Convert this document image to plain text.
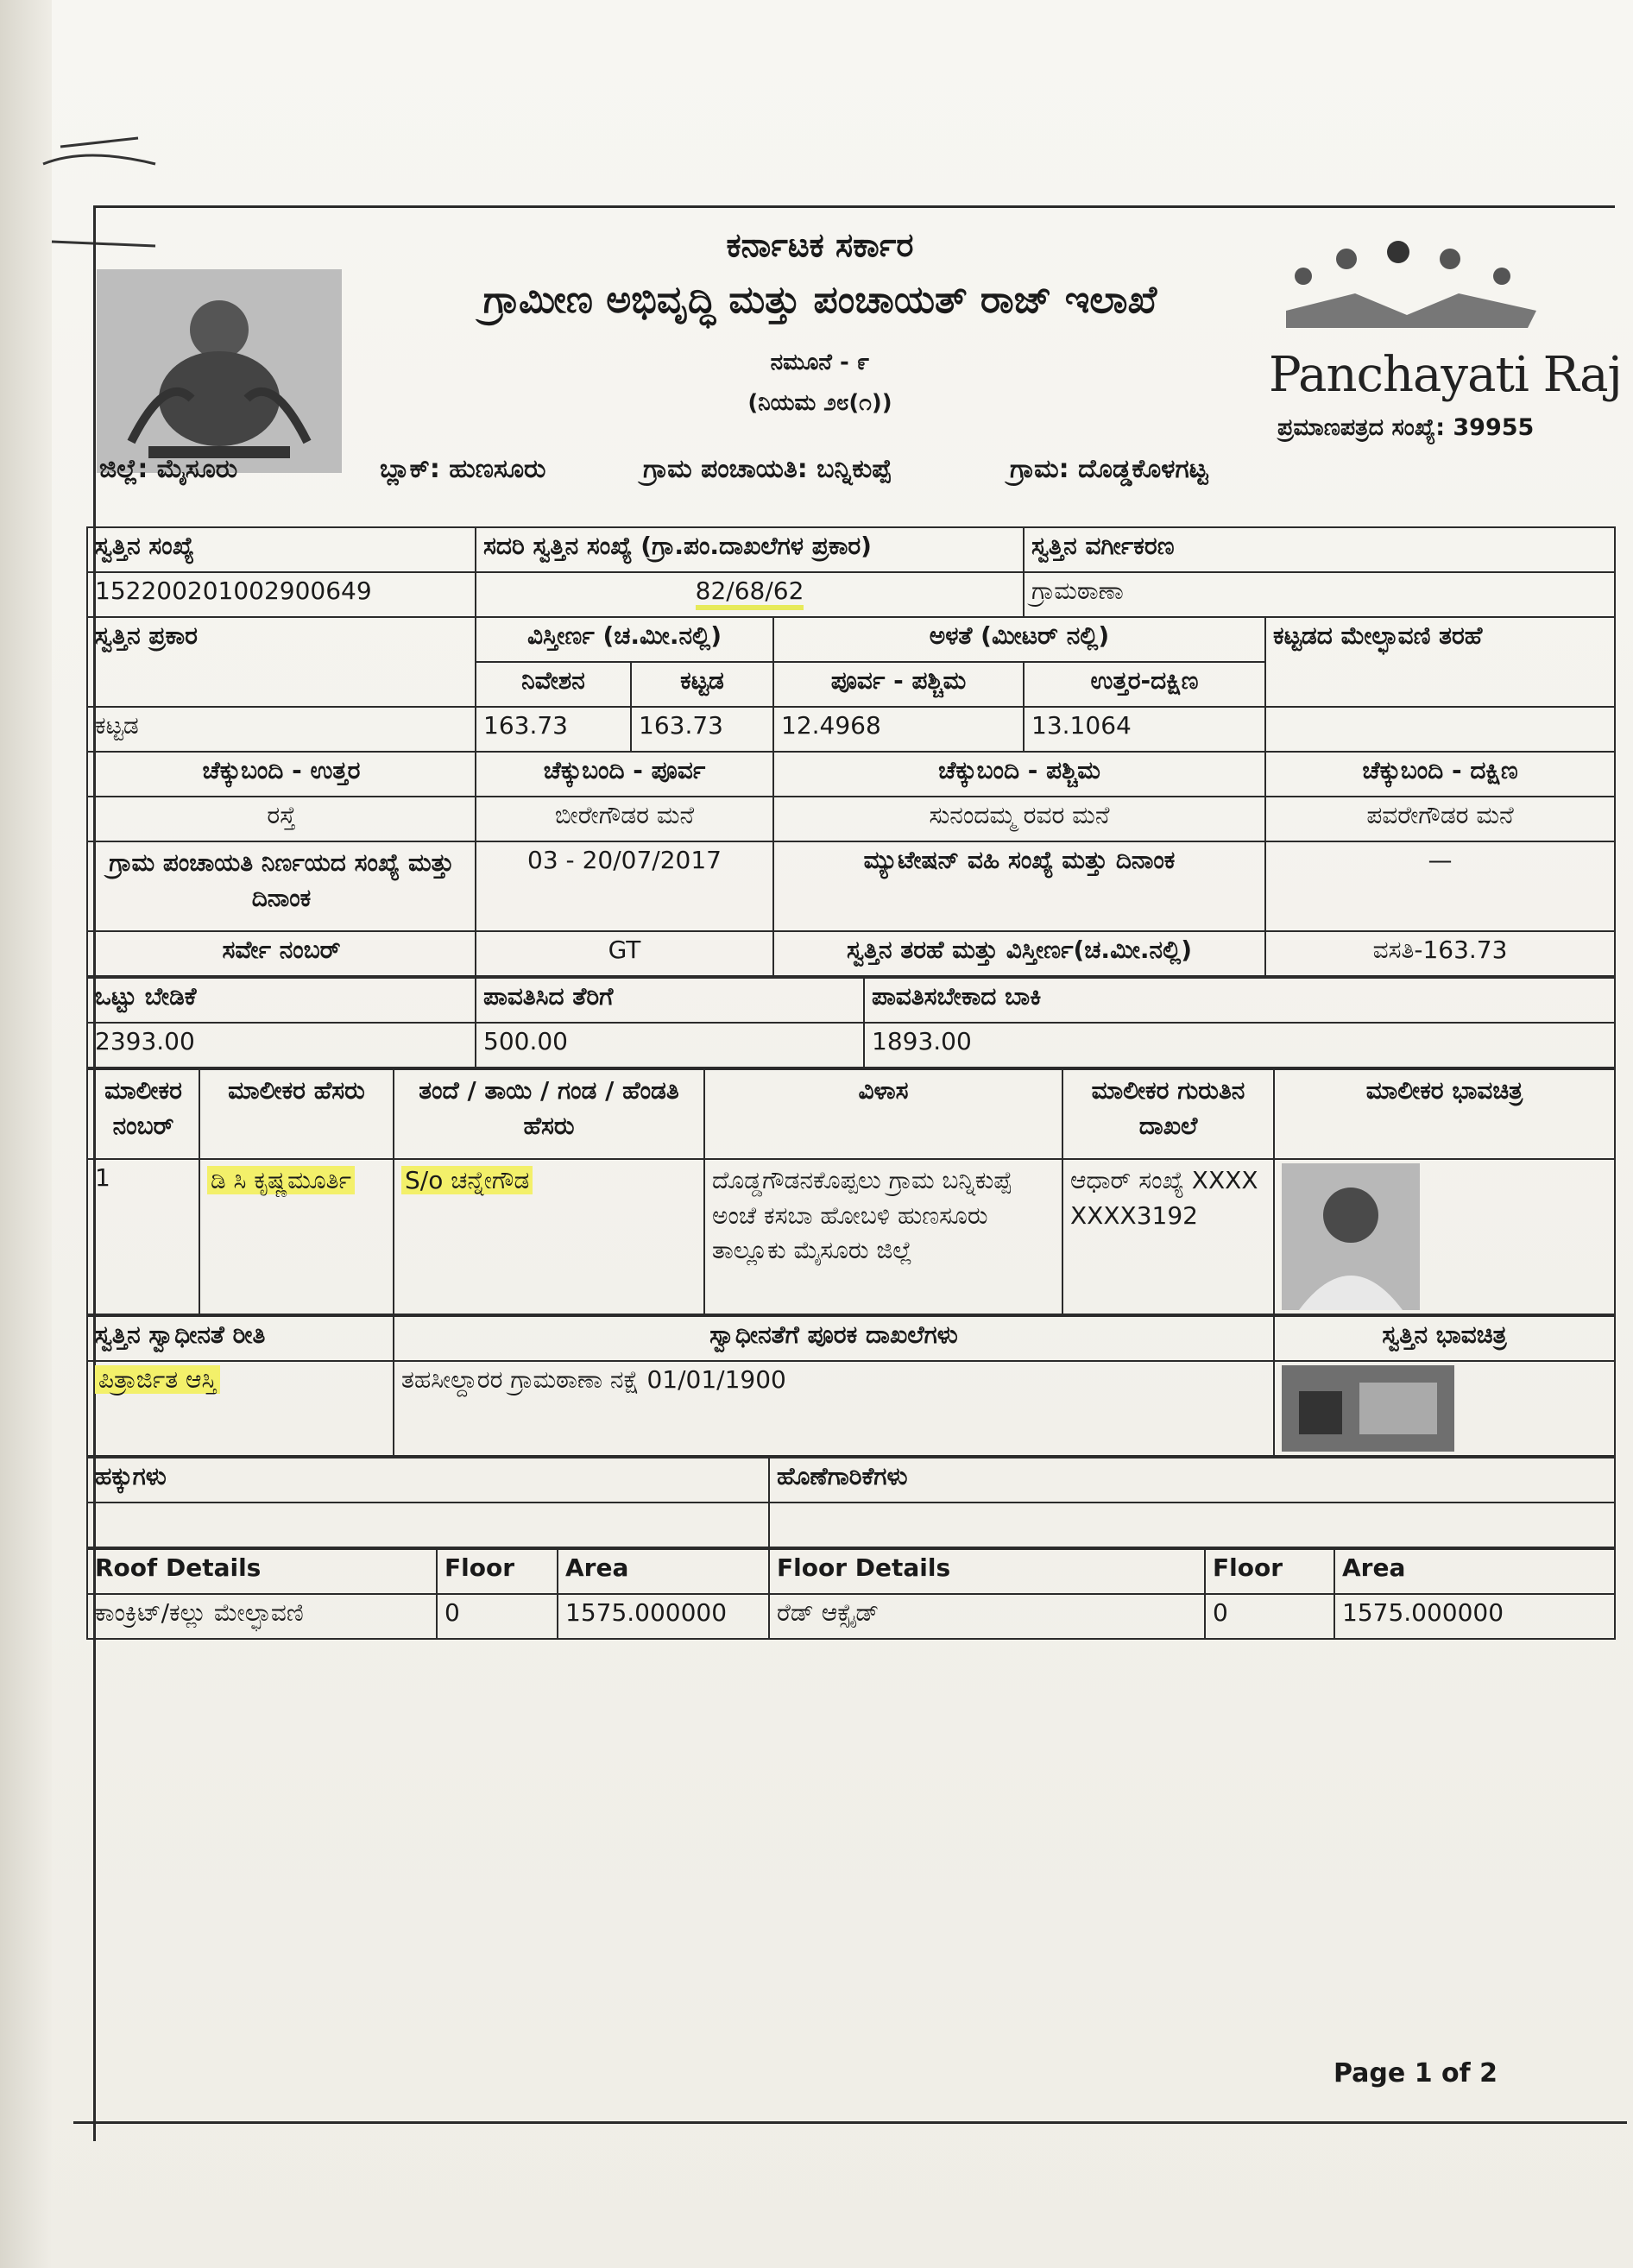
Panchayati Raj
ಕರ್ನಾಟಕ ಸರ್ಕಾರ
ಗ್ರಾಮೀಣ ಅಭಿವೃದ್ಧಿ ಮತ್ತು ಪಂಚಾಯತ್ ರಾಜ್ ಇಲಾಖೆ
ನಮೂನೆ - ೯
(ನಿಯಮ ೨೮(೧))
ಪ್ರಮಾಣಪತ್ರದ ಸಂಖ್ಯೆ: 39955
ಜಿಲ್ಲೆ: ಮೈಸೂರು	ಬ್ಲಾಕ್: ಹುಣಸೂರು	ಗ್ರಾಮ ಪಂಚಾಯತಿ: ಬನ್ನಿಕುಪ್ಪೆ	ಗ್ರಾಮ: ದೊಡ್ಡಕೊಳಗಟ್ಟ
ಸ್ವತ್ತಿನ ಸಂಖ್ಯೆ	ಸದರಿ ಸ್ವತ್ತಿನ ಸಂಖ್ಯೆ (ಗ್ರಾ.ಪಂ.ದಾಖಲೆಗಳ ಪ್ರಕಾರ)			ಸ್ವತ್ತಿನ ವರ್ಗೀಕರಣ	
152200201002900649	82/68/62			ಗ್ರಾಮಠಾಣಾ	
ಸ್ವತ್ತಿನ ಪ್ರಕಾರ	ವಿಸ್ತೀರ್ಣ (ಚ.ಮೀ.ನಲ್ಲಿ)		ಅಳತೆ (ಮೀಟರ್ ನಲ್ಲಿ)		ಕಟ್ಟಡದ ಮೇಲ್ಛಾವಣಿ ತರಹೆ
	ನಿವೇಶನ	ಕಟ್ಟಡ	ಪೂರ್ವ - ಪಶ್ಚಿಮ	ಉತ್ತರ-ದಕ್ಷಿಣ	
ಕಟ್ಟಡ	163.73	163.73	12.4968	13.1064	
ಚೆಕ್ಕುಬಂದಿ - ಉತ್ತರ	ಚೆಕ್ಕುಬಂದಿ - ಪೂರ್ವ		ಚೆಕ್ಕುಬಂದಿ - ಪಶ್ಚಿಮ		ಚೆಕ್ಕುಬಂದಿ - ದಕ್ಷಿಣ
ರಸ್ತೆ	ಬೀರೇಗೌಡರ ಮನೆ		ಸುನಂದಮ್ಮ ರವರ ಮನೆ		ಪವರೇಗೌಡರ ಮನೆ
ಗ್ರಾಮ ಪಂಚಾಯತಿ ನಿರ್ಣಯದ ಸಂಖ್ಯೆ ಮತ್ತು ದಿನಾಂಕ	03 - 20/07/2017		ಮ್ಯುಟೇಷನ್ ವಹಿ ಸಂಖ್ಯೆ ಮತ್ತು ದಿನಾಂಕ		—
ಸರ್ವೇ ನಂಬರ್	GT		ಸ್ವತ್ತಿನ ತರಹೆ ಮತ್ತು ವಿಸ್ತೀರ್ಣ(ಚ.ಮೀ.ನಲ್ಲಿ)		ವಸತಿ-163.73
ಒಟ್ಟು ಬೇಡಿಕೆ	ಪಾವತಿಸಿದ ತೆರಿಗೆ	ಪಾವತಿಸಬೇಕಾದ ಬಾಕಿ
2393.00	500.00	1893.00
ಮಾಲೀಕರ ನಂಬರ್	ಮಾಲೀಕರ ಹೆಸರು	ತಂದೆ / ತಾಯಿ / ಗಂಡ / ಹೆಂಡತಿ ಹೆಸರು	ವಿಳಾಸ	ಮಾಲೀಕರ ಗುರುತಿನ ದಾಖಲೆ	ಮಾಲೀಕರ ಭಾವಚಿತ್ರ
1	ಡಿ ಸಿ ಕೃಷ್ಣಮೂರ್ತಿ	S/o ಚನ್ನೇಗೌಡ	ದೊಡ್ಡಗೌಡನಕೊಪ್ಪಲು ಗ್ರಾಮ ಬನ್ನಿಕುಪ್ಪೆ ಅಂಚೆ ಕಸಬಾ ಹೋಬಳಿ ಹುಣಸೂರು ತಾಲ್ಲೂಕು ಮೈಸೂರು ಜಿಲ್ಲೆ	ಆಧಾರ್ ಸಂಖ್ಯೆ XXXXXXXX3192	
ಸ್ವತ್ತಿನ ಸ್ವಾಧೀನತೆ ರೀತಿ	ಸ್ವಾಧೀನತೆಗೆ ಪೂರಕ ದಾಖಲೆಗಳು	ಸ್ವತ್ತಿನ ಭಾವಚಿತ್ರ
ಪಿತ್ರಾರ್ಜಿತ ಆಸ್ತಿ	ತಹಸೀಲ್ದಾರರ ಗ್ರಾಮಠಾಣಾ ನಕ್ಷೆ 01/01/1900	
ಹಕ್ಕುಗಳು	ಹೊಣೆಗಾರಿಕೆಗಳು

Roof Details	Floor	Area	Floor Details	Floor	Area
ಕಾಂಕ್ರಿಟ್/ಕಲ್ಲು ಮೇಲ್ಛಾವಣಿ	0	1575.000000	ರೆಡ್ ಆಕ್ಸೈಡ್	0	1575.000000
Page 1 of 2
